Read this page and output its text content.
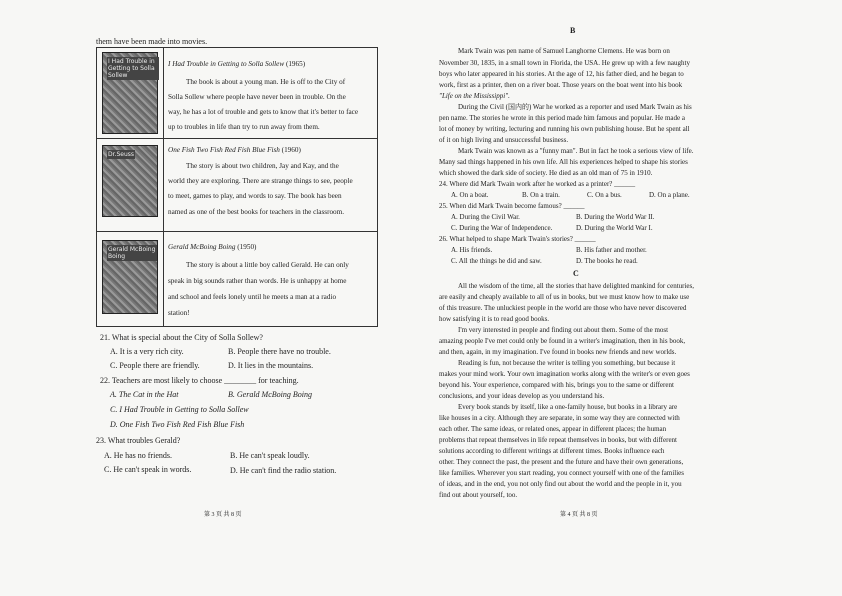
them have been made into movies.
I Had Trouble in Getting to Solla Sollew	I Had Trouble in Getting to Solla Sollew (1965)
The book is about a young man. He is off to the City of
Solla Sollew where people have never been in trouble. On the
way, he has a lot of trouble and gets to know that it's better to face
up to troubles in life than try to run away from them.

Dr.Seuss	One Fish Two Fish Red Fish Blue Fish (1960)
The story is about two children, Jay and Kay, and the
world they are exploring. There are strange things to see, people
to meet, games to play, and words to say. The book has been
named as one of the best books for teachers in the classroom.

Gerald McBoing Boing	Gerald McBoing Boing (1950)
The story is about a little boy called Gerald. He can only
speak in big sounds rather than words. He is unhappy at home
and school and feels lonely until he meets a man at a radio
station!
21. What is special about the City of Solla Sollew?
A. It is a very rich city.	B. People there have no trouble.
C. People there are friendly.	D. It lies in the mountains.
22. Teachers are most likely to choose ________ for teaching.
A. The Cat in the Hat	B. Gerald McBoing Boing
C. I Had Trouble in Getting to Solla Sollew
D. One Fish Two Fish Red Fish Blue Fish
23. What troubles Gerald?
A. He has no friends.	B. He can't speak loudly.
C. He can't speak in words.	D. He can't find the radio station.
第 3 页 共 8 页
B
Mark Twain was pen name of Samuel Langhorne Clemens. He was born on
November 30, 1835, in a small town in Florida, the USA. He grew up with a few naughty
boys who later appeared in his stories. At the age of 12, his father died, and he began to
work, first as a printer, then on a river boat. Those years on the boat went into his book
"Life on the Mississippi".
During the Civil (国内的) War he worked as a reporter and used Mark Twain as his
pen name. The stories he wrote in this period made him famous and popular. He made a
lot of money by writing, lecturing and running his own publishing house. But he spent all
of it on high living and unsuccessful business.
Mark Twain was known as a "funny man". But in fact he took a serious view of life.
Many sad things happened in his own life. All his experiences helped to shape his stories
which showed the dark side of society. He died as an old man of 75 in 1910.
24. Where did Mark Twain work after he worked as a printer? ______
A. On a boat.	B. On a train.	C. On a bus.	D. On a plane.
25. When did Mark Twain become famous? ______
A. During the Civil War.	B. During the World War II.
C. During the War of Independence.	D. During the World War I.
26. What helped to shape Mark Twain's stories? ______
A. His friends.	B. His father and mother.
C. All the things he did and saw.	D. The books he read.
C
All the wisdom of the time, all the stories that have delighted mankind for centuries,
are easily and cheaply available to all of us in books, but we must know how to make use
of this treasure. The unluckiest people in the world are those who have never discovered
how satisfying it is to read good books.
I'm very interested in people and finding out about them. Some of the most
amazing people I've met could only be found in a writer's imagination, then in his book,
and then, again, in my imagination. I've found in books new friends and new worlds.
Reading is fun, not because the writer is telling you something, but because it
makes your mind work. Your own imagination works along with the writer's or even goes
beyond his. Your experience, compared with his, brings you to the same or different
conclusions, and your ideas develop as you understand his.
Every book stands by itself, like a one-family house, but books in a library are
like houses in a city. Although they are separate, in some way they are connected with
each other. The same ideas, or related ones, appear in different places; the human
problems that repeat themselves in life repeat themselves in books, but with different
solutions according to different writings at different times. Books influence each
other. They connect the past, the present and the future and have their own generations,
like families. Wherever you start reading, you connect yourself with one of the families
of ideas, and in the end, you not only find out about the world and the people in it, you
find out about yourself, too.
第 4 页 共 8 页
